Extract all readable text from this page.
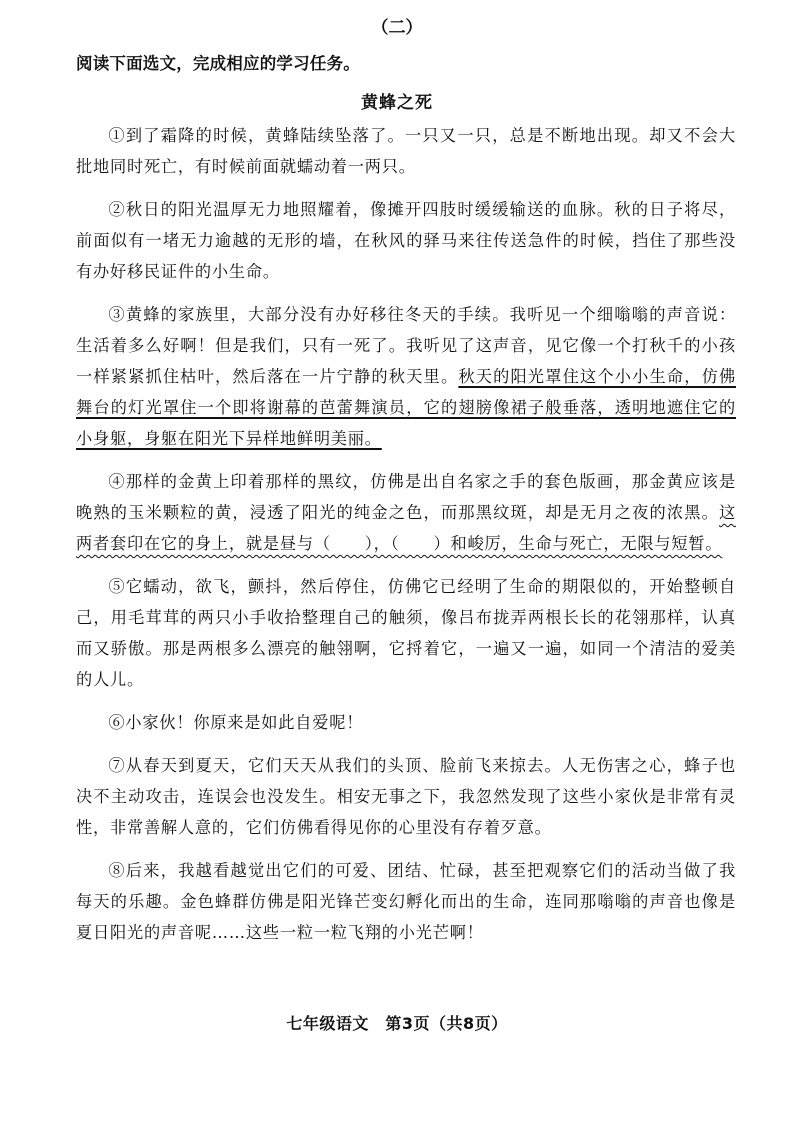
（二）
阅读下面选文，完成相应的学习任务。
黄蜂之死

①到了霜降的时候，黄蜂陆续坠落了。一只又一只，总是不断地出现。却又不会大批地同时死亡，有时候前面就蠕动着一两只。

②秋日的阳光温厚无力地照耀着，像摊开四肢时缓缓输送的血脉。秋的日子将尽，前面似有一堵无力逾越的无形的墙，在秋风的驿马来往传送急件的时候，挡住了那些没有办好移民证件的小生命。

③黄蜂的家族里，大部分没有办好移往冬天的手续。我听见一个细嗡嗡的声音说：生活着多么好啊！但是我们，只有一死了。我听见了这声音，见它像一个打秋千的小孩一样紧紧抓住枯叶，然后落在一片宁静的秋天里。秋天的阳光罩住这个小小生命，仿佛舞台的灯光罩住一个即将谢幕的芭蕾舞演员，它的翅膀像裙子般垂落，透明地遮住它的小身躯，身躯在阳光下异样地鲜明美丽。

④那样的金黄上印着那样的黑纹，仿佛是出自名家之手的套色版画，那金黄应该是晚熟的玉米颗粒的黄，浸透了阳光的纯金之色，而那黑纹斑，却是无月之夜的浓黑。这两者套印在它的身上，就是昼与（　　），（　　）和峻厉，生命与死亡，无限与短暂。

⑤它蠕动，欲飞，颤抖，然后停住，仿佛它已经明了生命的期限似的，开始整顿自己，用毛茸茸的两只小手收拾整理自己的触须，像吕布拢弄两根长长的花翎那样，认真而又骄傲。那是两根多么漂亮的触翎啊，它捋着它，一遍又一遍，如同一个清洁的爱美的人儿。

⑥小家伙！你原来是如此自爱呢！

⑦从春天到夏天，它们天天从我们的头顶、脸前飞来掠去。人无伤害之心，蜂子也决不主动攻击，连误会也没发生。相安无事之下，我忽然发现了这些小家伙是非常有灵性，非常善解人意的，它们仿佛看得见你的心里没有存着歹意。

⑧后来，我越看越觉出它们的可爱、团结、忙碌，甚至把观察它们的活动当做了我每天的乐趣。金色蜂群仿佛是阳光锋芒变幻孵化而出的生命，连同那嗡嗡的声音也像是夏日阳光的声音呢……这些一粒一粒飞翔的小光芒啊！

七年级语文　第3页（共8页）
